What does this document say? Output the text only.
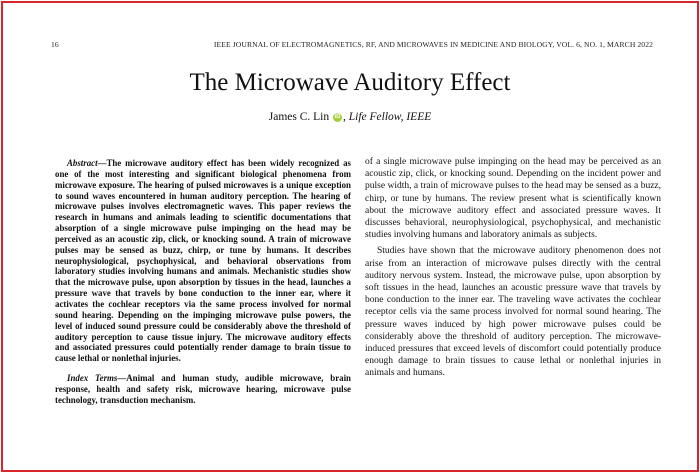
16	IEEE JOURNAL OF ELECTROMAGNETICS, RF, AND MICROWAVES IN MEDICINE AND BIOLOGY, VOL. 6, NO. 1, MARCH 2022
The Microwave Auditory Effect
James C. Lin iD , Life Fellow, IEEE

Abstract—The microwave auditory effect has been widely recognized as one of the most interesting and significant biological phenomena from microwave exposure. The hearing of pulsed microwaves is a unique exception to sound waves encountered in human auditory perception. The hearing of microwave pulses involves electromagnetic waves. This paper reviews the research in humans and animals leading to scientific documentations that absorption of a single microwave pulse impinging on the head may be perceived as an acoustic zip, click, or knocking sound. A train of microwave pulses may be sensed as buzz, chirp, or tune by humans. It describes neurophysiological, psychophysical, and behavioral observations from laboratory studies involving humans and animals. Mechanistic studies show that the microwave pulse, upon absorption by tissues in the head, launches a pressure wave that travels by bone conduction to the inner ear, where it activates the cochlear receptors via the same process involved for normal sound hearing. Depending on the impinging microwave pulse powers, the level of induced sound pressure could be considerably above the threshold of auditory perception to cause tissue injury. The microwave auditory effects and associated pressures could potentially render damage to brain tissue to cause lethal or nonlethal injuries.

Index Terms—Animal and human study, audible microwave, brain response, health and safety risk, microwave hearing, microwave pulse technology, transduction mechanism.

of a single microwave pulse impinging on the head may be perceived as an acoustic zip, click, or knocking sound. Depending on the incident power and pulse width, a train of microwave pulses to the head may be sensed as a buzz, chirp, or tune by humans. The review present what is scientifically known about the microwave auditory effect and associated pressure waves. It discusses behavioral, neurophysiological, psychophysical, and mechanistic studies involving humans and laboratory animals as subjects.

Studies have shown that the microwave auditory phenomenon does not arise from an interaction of microwave pulses directly with the central auditory nervous system. Instead, the microwave pulse, upon absorption by soft tissues in the head, launches an acoustic pressure wave that travels by bone conduction to the inner ear. The traveling wave activates the cochlear receptor cells via the same process involved for normal sound hearing. The pressure waves induced by high power microwave pulses could be considerably above the threshold of auditory perception. The microwave-induced pressures that exceed levels of discomfort could potentially produce enough damage to brain tissues to cause lethal or nonlethal injuries in animals and humans.
